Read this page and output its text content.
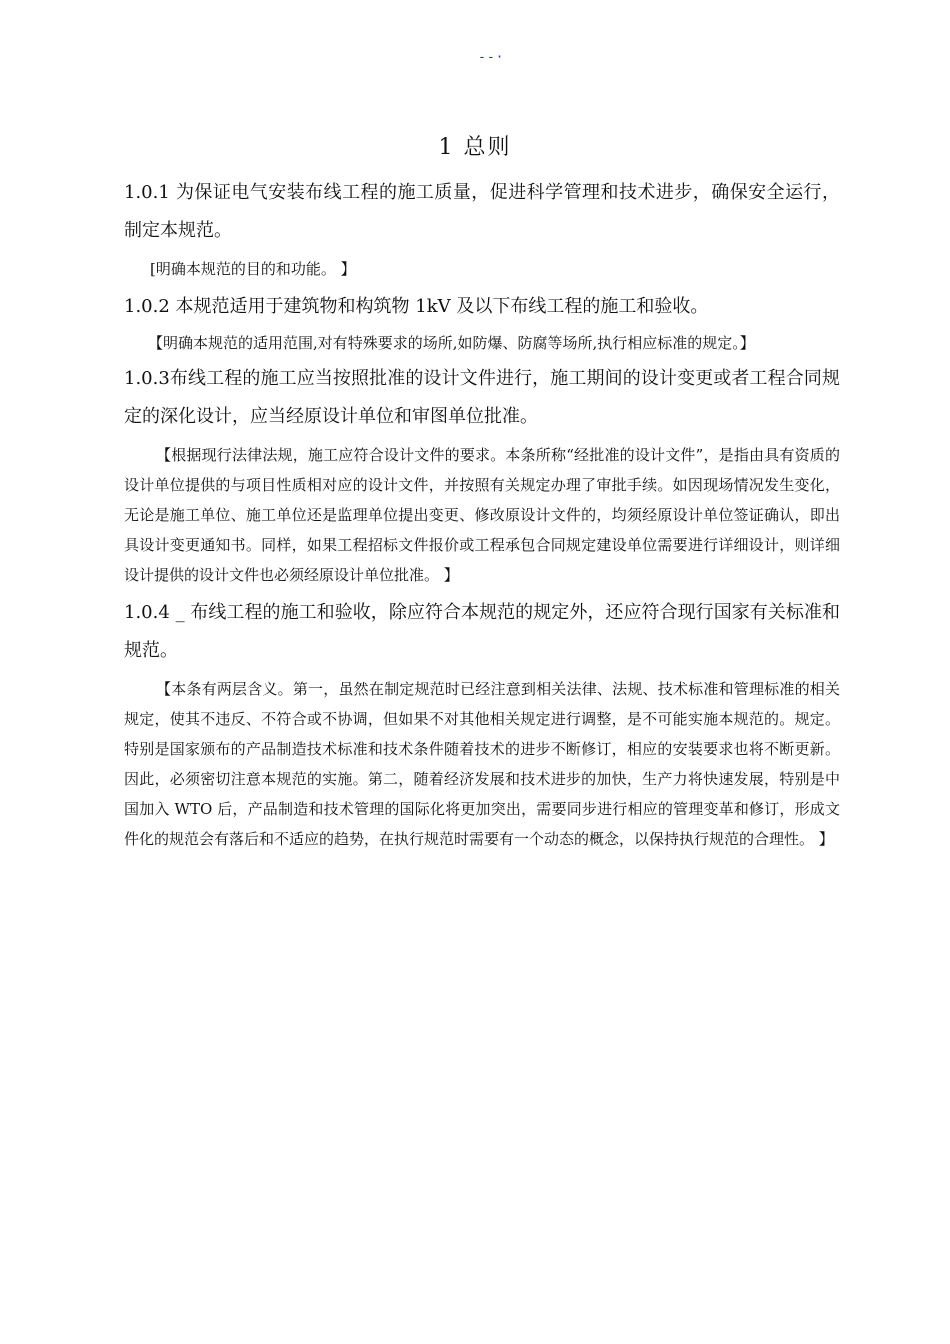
--·
1 总则

1.0.1 为保证电气安装布线工程的施工质量，促进科学管理和技术进步，确保安全运行，制定本规范。

[明确本规范的目的和功能。 】

1.0.2 本规范适用于建筑物和构筑物 1kV 及以下布线工程的施工和验收。

【明确本规范的适用范围,对有特殊要求的场所,如防爆、防腐等场所,执行相应标准的规定。】

1.0.3布线工程的施工应当按照批准的设计文件进行，施工期间的设计变更或者工程合同规定的深化设计，应当经原设计单位和审图单位批准。

【根据现行法律法规，施工应符合设计文件的要求。本条所称“经批准的设计文件”，是指由具有资质的设计单位提供的与项目性质相对应的设计文件，并按照有关规定办理了审批手续。如因现场情况发生变化，无论是施工单位、施工单位还是监理单位提出变更、修改原设计文件的，均须经原设计单位签证确认，即出具设计变更通知书。同样，如果工程招标文件报价或工程承包合同规定建设单位需要进行详细设计，则详细设计提供的设计文件也必须经原设计单位批准。 】

1.0.4 _ 布线工程的施工和验收，除应符合本规范的规定外，还应符合现行国家有关标准和规范。

【本条有两层含义。第一，虽然在制定规范时已经注意到相关法律、法规、技术标准和管理标准的相关规定，使其不违反、不符合或不协调，但如果不对其他相关规定进行调整，是不可能实施本规范的。规定。特别是国家颁布的产品制造技术标准和技术条件随着技术的进步不断修订，相应的安装要求也将不断更新。因此，必须密切注意本规范的实施。第二，随着经济发展和技术进步的加快，生产力将快速发展，特别是中国加入 WTO 后，产品制造和技术管理的国际化将更加突出，需要同步进行相应的管理变革和修订，形成文件化的规范会有落后和不适应的趋势，在执行规范时需要有一个动态的概念，以保持执行规范的合理性。 】
